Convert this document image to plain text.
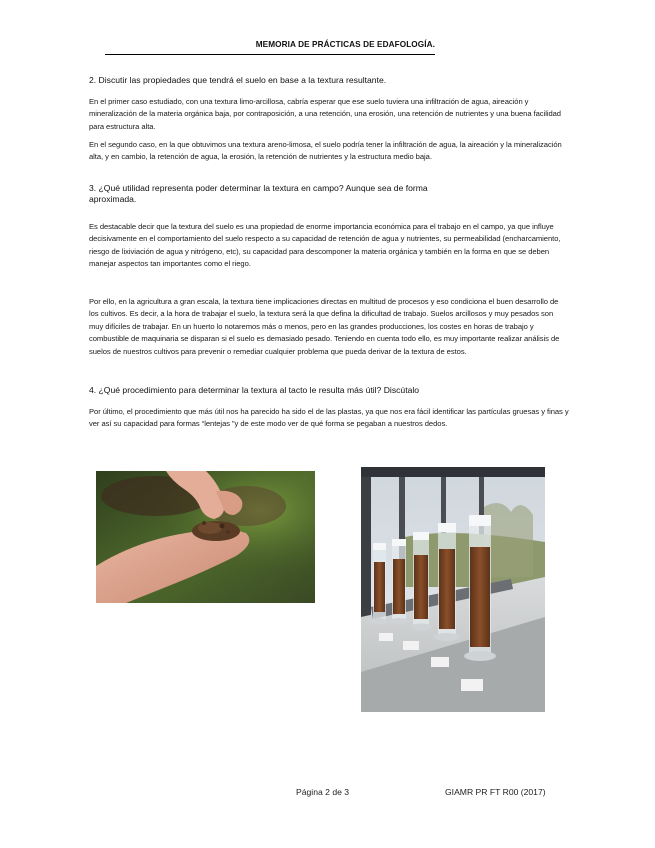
MEMORIA DE PRÁCTICAS DE EDAFOLOGÍA.
2. Discutir las propiedades que tendrá el suelo en base a la textura resultante.
En el primer caso estudiado, con una textura limo-arcillosa, cabría esperar que ese suelo tuviera una infiltración de agua, aireación y mineralización de la materia orgánica baja, por contraposición, a una retención, una erosión, una retención de nutrientes y una buena facilidad para estructura alta.
En el segundo caso, en la que obtuvimos una textura areno-limosa, el suelo podría tener la infiltración de agua, la aireación y la mineralización alta, y en cambio, la retención de agua, la erosión, la retención de nutrientes y la estructura medio baja.
3. ¿Qué utilidad representa poder determinar la textura en campo? Aunque sea de forma aproximada.
Es destacable decir que la textura del suelo es una propiedad de enorme importancia económica para el trabajo en el campo, ya que influye decisivamente en el comportamiento del suelo respecto a su capacidad de retención de agua y nutrientes, su permeabilidad (encharcamiento, riesgo de lixiviación de agua y nitrógeno, etc), su capacidad para descomponer la materia orgánica y también en la forma en que se deben manejar aspectos tan importantes como el riego.
Por ello, en la agricultura a gran escala, la textura tiene implicaciones directas en multitud de procesos y eso condiciona el buen desarrollo de los cultivos. Es decir, a la hora de trabajar el suelo, la textura será la que defina la dificultad de trabajo. Suelos arcillosos y muy pesados son muy difíciles de trabajar. En un huerto lo notaremos más o menos, pero en las grandes producciones, los costes en horas de trabajo y combustible de maquinaria se disparan si el suelo es demasiado pesado. Teniendo en cuenta todo ello, es muy importante realizar análisis de suelos de nuestros cultivos para prevenir o remediar cualquier problema que pueda derivar de la textura de estos.
4. ¿Qué procedimiento para determinar la textura al tacto le resulta más útil? Discútalo
Por último, el procedimiento que más útil nos ha parecido ha sido el de las plastas, ya que nos era fácil identificar las partículas gruesas y finas y ver así su capacidad para formas “lentejas ”y de este modo ver de qué forma se pegaban a nuestros dedos.
Página 2 de 3	GIAMR PR FT R00 (2017)
